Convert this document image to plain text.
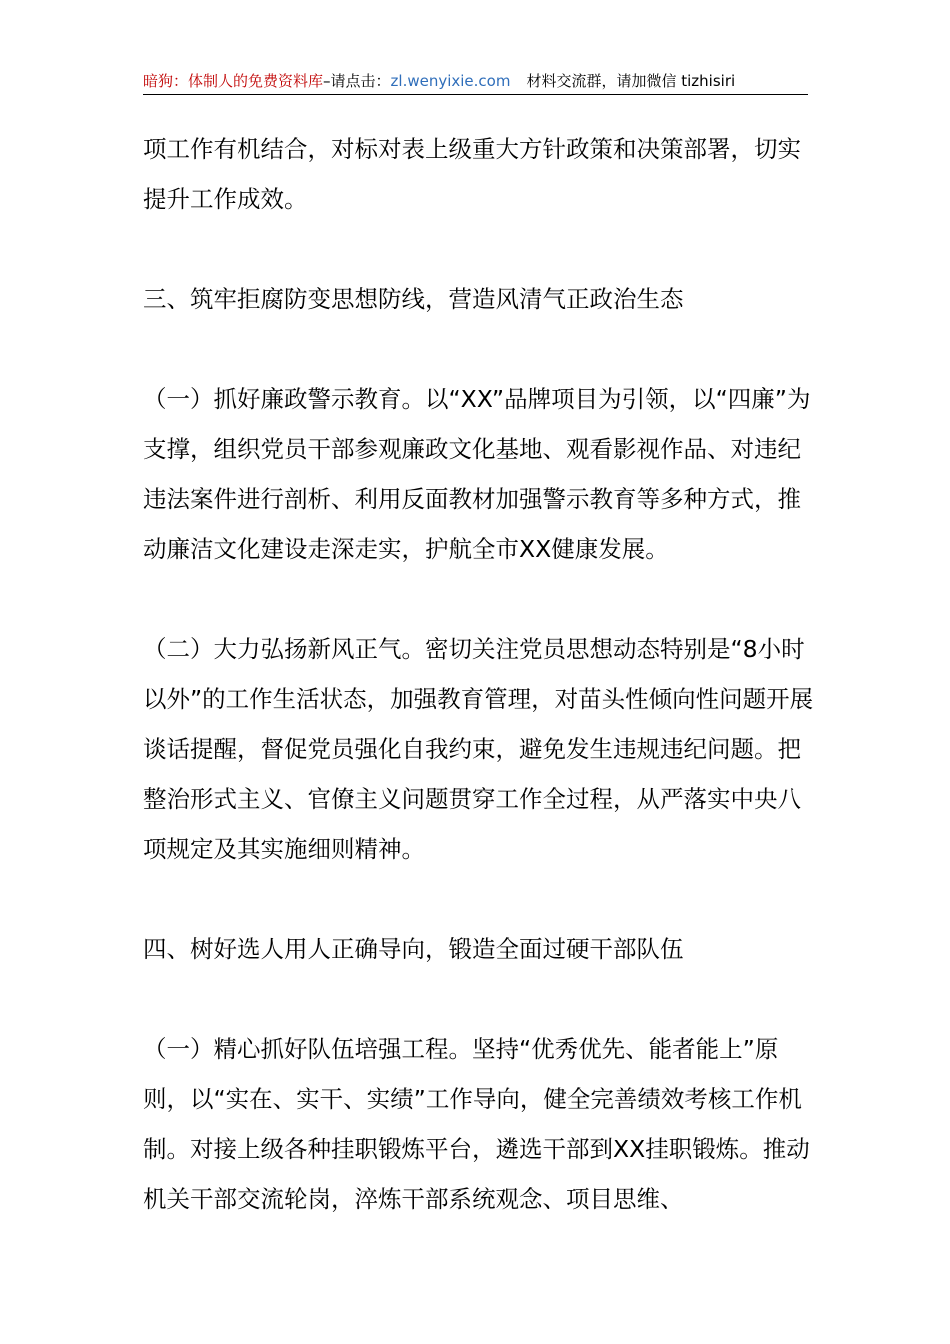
暗狗：体制人的免费资料库–请点击：zl.wenyixie.com 材料交流群，请加微信 tizhisiri

项工作有机结合，对标对表上级重大方针政策和决策部署，切实提升工作成效。

三、筑牢拒腐防变思想防线，营造风清气正政治生态

（一）抓好廉政警示教育。以“XX”品牌项目为引领，以“四廉”为支撑，组织党员干部参观廉政文化基地、观看影视作品、对违纪违法案件进行剖析、利用反面教材加强警示教育等多种方式，推动廉洁文化建设走深走实，护航全市XX健康发展。

（二）大力弘扬新风正气。密切关注党员思想动态特别是“8小时以外”的工作生活状态，加强教育管理，对苗头性倾向性问题开展谈话提醒，督促党员强化自我约束，避免发生违规违纪问题。把整治形式主义、官僚主义问题贯穿工作全过程，从严落实中央八项规定及其实施细则精神。

四、树好选人用人正确导向，锻造全面过硬干部队伍

（一）精心抓好队伍培强工程。坚持“优秀优先、能者能上”原则，以“实在、实干、实绩”工作导向，健全完善绩效考核工作机制。对接上级各种挂职锻炼平台，遴选干部到XX挂职锻炼。推动机关干部交流轮岗，淬炼干部系统观念、项目思维、
